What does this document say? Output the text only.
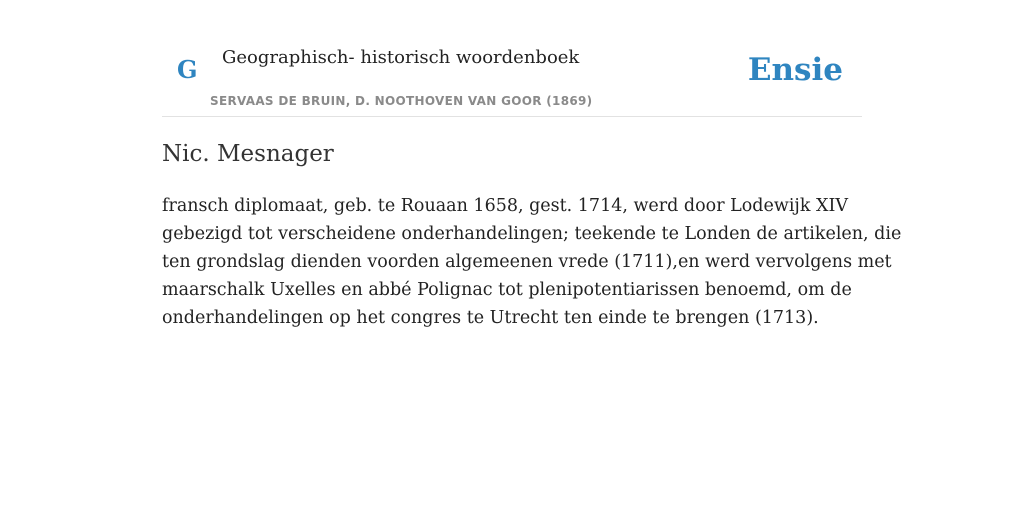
G Geographisch- historisch woordenboek
SERVAAS DE BRUIN, D. NOOTHOVEN VAN GOOR (1869)
Ensie
Nic. Mesnager

fransch diplomaat, geb. te Rouaan 1658, gest. 1714, werd door Lodewijk XIV
gebezigd tot verscheidene onderhandelingen; teekende te Londen de artikelen, die
ten grondslag dienden voorden algemeenen vrede (1711),en werd vervolgens met
maarschalk Uxelles en abbé Polignac tot plenipotentiarissen benoemd, om de
onderhandelingen op het congres te Utrecht ten einde te brengen (1713).
